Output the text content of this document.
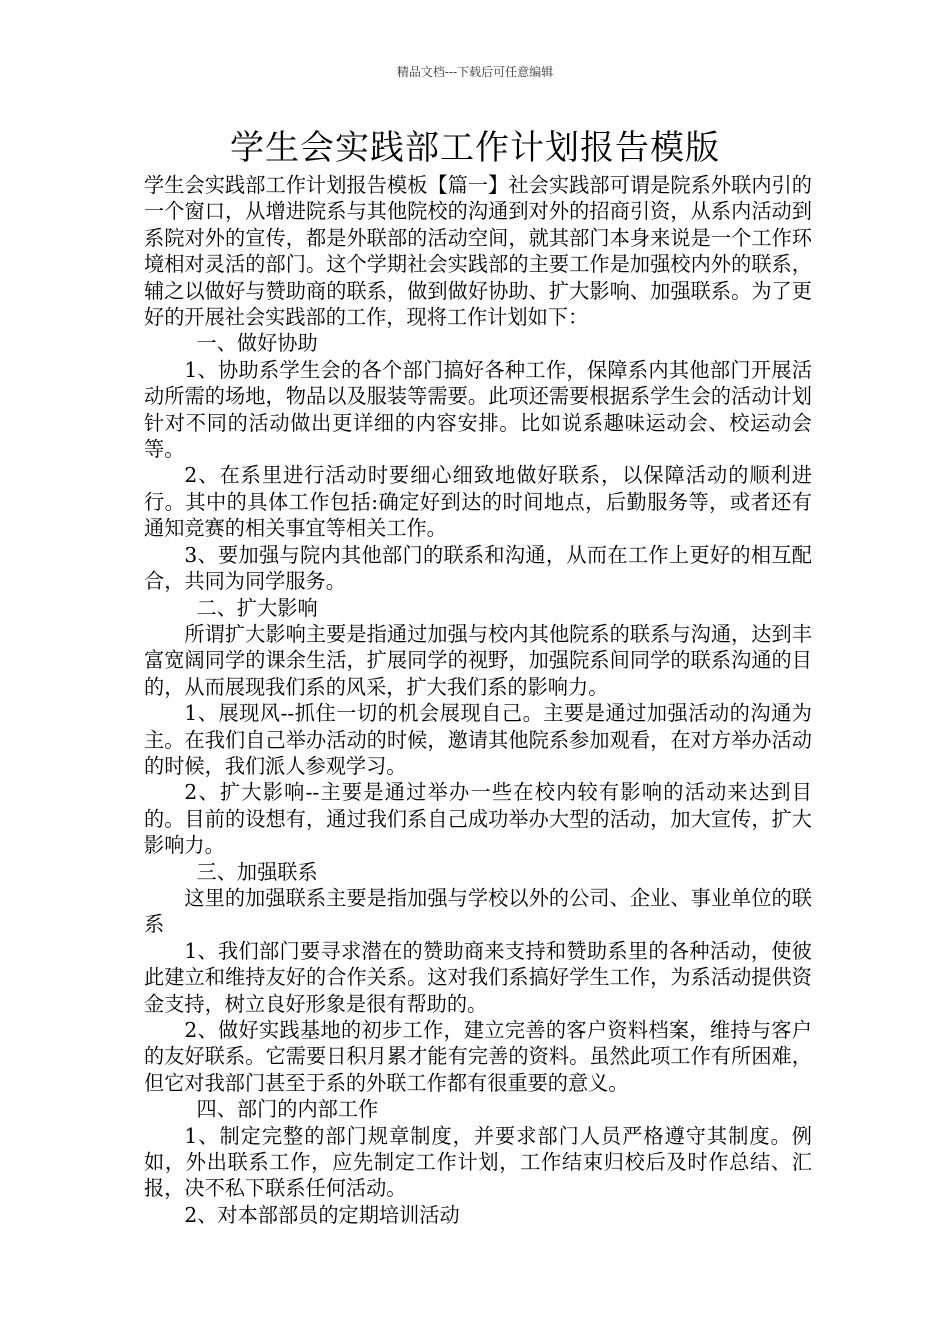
精品文档---下载后可任意编辑
学生会实践部工作计划报告模版

学生会实践部工作计划报告模板【篇一】社会实践部可谓是院系外联内引的一个窗口，从增进院系与其他院校的沟通到对外的招商引资，从系内活动到系院对外的宣传，都是外联部的活动空间，就其部门本身来说是一个工作环境相对灵活的部门。这个学期社会实践部的主要工作是加强校内外的联系，辅之以做好与赞助商的联系，做到做好协助、扩大影响、加强联系。为了更好的开展社会实践部的工作，现将工作计划如下：

一、做好协助

1、协助系学生会的各个部门搞好各种工作，保障系内其他部门开展活动所需的场地，物品以及服装等需要。此项还需要根据系学生会的活动计划针对不同的活动做出更详细的内容安排。比如说系趣味运动会、校运动会等。

2、在系里进行活动时要细心细致地做好联系，以保障活动的顺利进行。其中的具体工作包括:确定好到达的时间地点，后勤服务等，或者还有通知竞赛的相关事宜等相关工作。

3、要加强与院内其他部门的联系和沟通，从而在工作上更好的相互配合，共同为同学服务。

二、扩大影响

所谓扩大影响主要是指通过加强与校内其他院系的联系与沟通，达到丰富宽阔同学的课余生活，扩展同学的视野，加强院系间同学的联系沟通的目的，从而展现我们系的风采，扩大我们系的影响力。

1、展现风--抓住一切的机会展现自己。主要是通过加强活动的沟通为主。在我们自己举办活动的时候，邀请其他院系参加观看，在对方举办活动的时候，我们派人参观学习。

2、扩大影响--主要是通过举办一些在校内较有影响的活动来达到目的。目前的设想有，通过我们系自己成功举办大型的活动，加大宣传，扩大影响力。

三、加强联系

这里的加强联系主要是指加强与学校以外的公司、企业、事业单位的联系

1、我们部门要寻求潜在的赞助商来支持和赞助系里的各种活动，使彼此建立和维持友好的合作关系。这对我们系搞好学生工作，为系活动提供资金支持，树立良好形象是很有帮助的。

2、做好实践基地的初步工作，建立完善的客户资料档案，维持与客户的友好联系。它需要日积月累才能有完善的资料。虽然此项工作有所困难，但它对我部门甚至于系的外联工作都有很重要的意义。

四、部门的内部工作

1、制定完整的部门规章制度，并要求部门人员严格遵守其制度。例如，外出联系工作，应先制定工作计划，工作结束归校后及时作总结、汇报，决不私下联系任何活动。

2、对本部部员的定期培训活动
